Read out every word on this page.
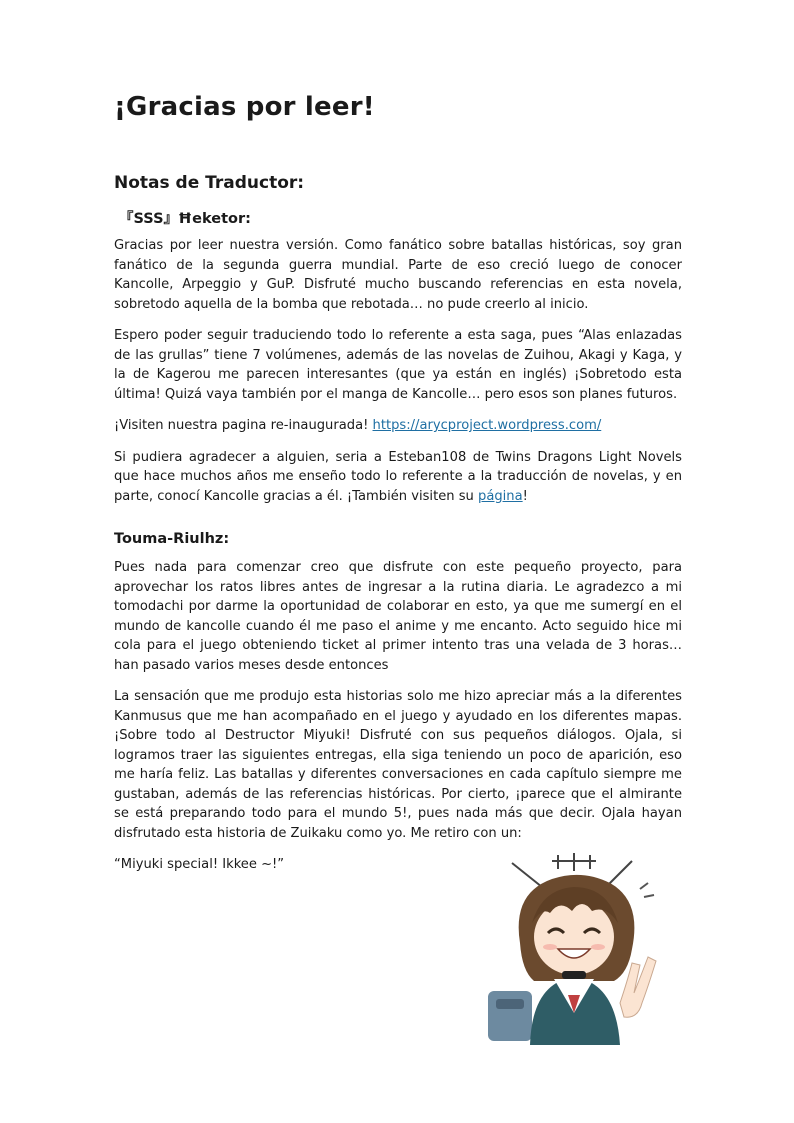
¡Gracias por leer!
Notas de Traductor:
『SSS』Ħeketor:

Gracias por leer nuestra versión. Como fanático sobre batallas históricas, soy gran fanático de la segunda guerra mundial. Parte de eso creció luego de conocer Kancolle, Arpeggio y GuP. Disfruté mucho buscando referencias en esta novela, sobretodo aquella de la bomba que rebotada… no pude creerlo al inicio.

Espero poder seguir traduciendo todo lo referente a esta saga, pues “Alas enlazadas de las grullas” tiene 7 volúmenes, además de las novelas de Zuihou, Akagi y Kaga, y la de Kagerou me parecen interesantes (que ya están en inglés) ¡Sobretodo esta última! Quizá vaya también por el manga de Kancolle… pero esos son planes futuros.

¡Visiten nuestra pagina re-inaugurada! https://arycproject.wordpress.com/

Si pudiera agradecer a alguien, seria a Esteban108 de Twins Dragons Light Novels que hace muchos años me enseño todo lo referente a la traducción de novelas, y en parte, conocí Kancolle gracias a él. ¡También visiten su página!

Touma-Riulhz:

Pues nada para comenzar creo que disfrute con este pequeño proyecto, para aprovechar los ratos libres antes de ingresar a la rutina diaria. Le agradezco a mi tomodachi por darme la oportunidad de colaborar en esto, ya que me sumergí en el mundo de kancolle cuando él me paso el anime y me encanto. Acto seguido hice mi cola para el juego obteniendo ticket al primer intento tras una velada de 3 horas… han pasado varios meses desde entonces

La sensación que me produjo esta historias solo me hizo apreciar más a la diferentes Kanmusus que me han acompañado en el juego y ayudado en los diferentes mapas. ¡Sobre todo al Destructor Miyuki! Disfruté con sus pequeños diálogos. Ojala, si logramos traer las siguientes entregas, ella siga teniendo un poco de aparición, eso me haría feliz. Las batallas y diferentes conversaciones en cada capítulo siempre me gustaban, además de las referencias históricas. Por cierto, ¡parece que el almirante se está preparando todo para el mundo 5!, pues nada más que decir. Ojala hayan disfrutado esta historia de Zuikaku como yo. Me retiro con un:

“Miyuki special! Ikkee ~!”
